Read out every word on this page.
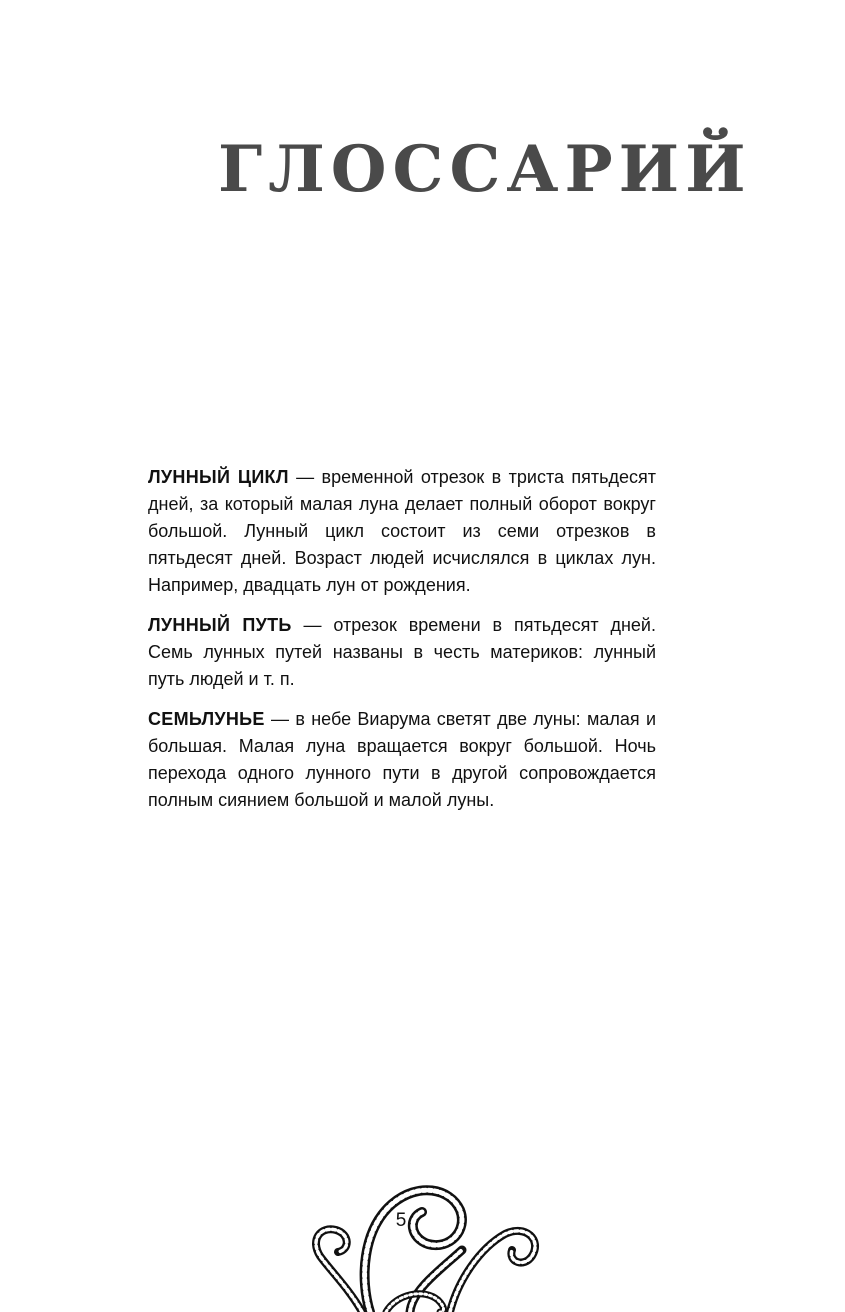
ГЛОССАРИЙ

ЛУННЫЙ ЦИКЛ — временной отрезок в триста пятьдесят дней, за который малая луна делает полный оборот вокруг большой. Лунный цикл состоит из семи отрезков в пятьдесят дней. Возраст людей исчислялся в циклах лун. Например, двадцать лун от рождения.

ЛУННЫЙ ПУТЬ — отрезок времени в пятьдесят дней. Семь лунных путей названы в честь материков: лунный путь людей и т. п.

СЕМЬЛУНЬЕ — в небе Виарума светят две луны: малая и большая. Малая луна вращается вокруг большой. Ночь перехода одного лунного пути в другой сопровождается полным сиянием большой и малой луны.

5
